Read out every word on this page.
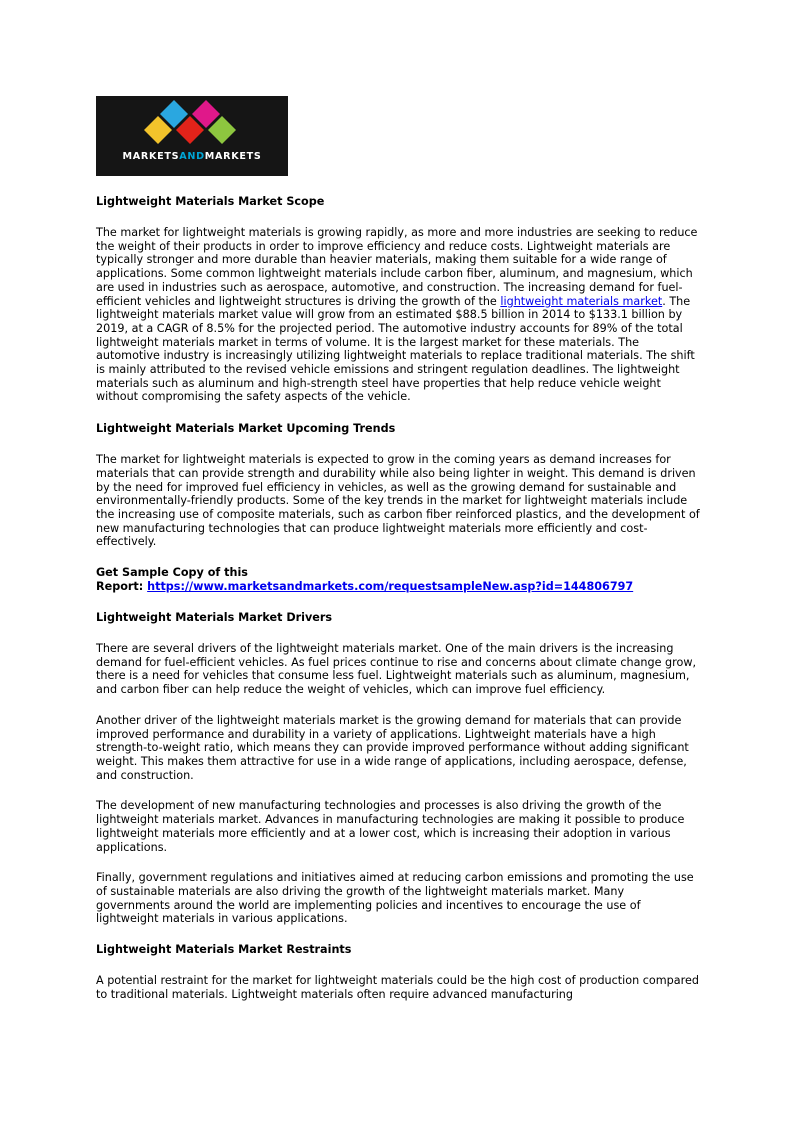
MARKETSANDMARKETS
Lightweight Materials Market Scope

The market for lightweight materials is growing rapidly, as more and more industries are seeking to reduce the weight of their products in order to improve efficiency and reduce costs. Lightweight materials are typically stronger and more durable than heavier materials, making them suitable for a wide range of applications. Some common lightweight materials include carbon fiber, aluminum, and magnesium, which are used in industries such as aerospace, automotive, and construction. The increasing demand for fuel-efficient vehicles and lightweight structures is driving the growth of the lightweight materials market. The lightweight materials market value will grow from an estimated $88.5 billion in 2014 to $133.1 billion by 2019, at a CAGR of 8.5% for the projected period. The automotive industry accounts for 89% of the total lightweight materials market in terms of volume. It is the largest market for these materials. The automotive industry is increasingly utilizing lightweight materials to replace traditional materials. The shift is mainly attributed to the revised vehicle emissions and stringent regulation deadlines. The lightweight materials such as aluminum and high-strength steel have properties that help reduce vehicle weight without compromising the safety aspects of the vehicle.

Lightweight Materials Market Upcoming Trends

The market for lightweight materials is expected to grow in the coming years as demand increases for materials that can provide strength and durability while also being lighter in weight. This demand is driven by the need for improved fuel efficiency in vehicles, as well as the growing demand for sustainable and environmentally-friendly products. Some of the key trends in the market for lightweight materials include the increasing use of composite materials, such as carbon fiber reinforced plastics, and the development of new manufacturing technologies that can produce lightweight materials more efficiently and cost-effectively.

Get Sample Copy of this
Report: https://www.marketsandmarkets.com/requestsampleNew.asp?id=144806797

Lightweight Materials Market Drivers

There are several drivers of the lightweight materials market. One of the main drivers is the increasing demand for fuel-efficient vehicles. As fuel prices continue to rise and concerns about climate change grow, there is a need for vehicles that consume less fuel. Lightweight materials such as aluminum, magnesium, and carbon fiber can help reduce the weight of vehicles, which can improve fuel efficiency.

Another driver of the lightweight materials market is the growing demand for materials that can provide improved performance and durability in a variety of applications. Lightweight materials have a high strength-to-weight ratio, which means they can provide improved performance without adding significant weight. This makes them attractive for use in a wide range of applications, including aerospace, defense, and construction.

The development of new manufacturing technologies and processes is also driving the growth of the lightweight materials market. Advances in manufacturing technologies are making it possible to produce lightweight materials more efficiently and at a lower cost, which is increasing their adoption in various applications.

Finally, government regulations and initiatives aimed at reducing carbon emissions and promoting the use of sustainable materials are also driving the growth of the lightweight materials market. Many governments around the world are implementing policies and incentives to encourage the use of lightweight materials in various applications.

Lightweight Materials Market Restraints

A potential restraint for the market for lightweight materials could be the high cost of production compared to traditional materials. Lightweight materials often require advanced manufacturing
